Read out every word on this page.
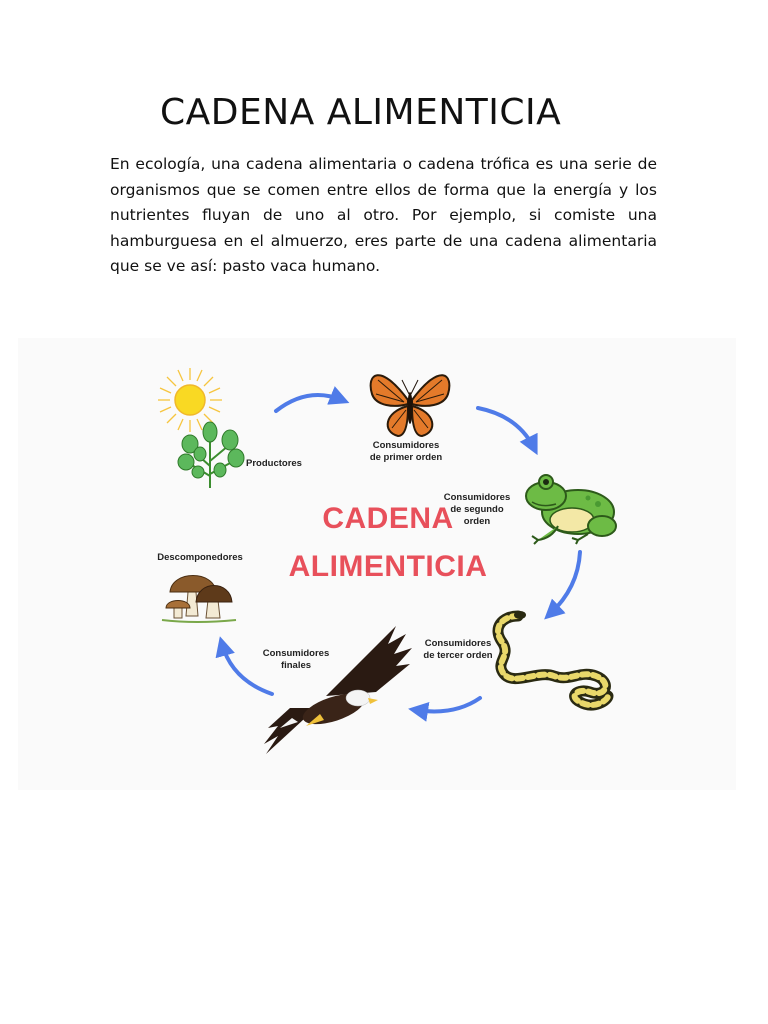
CADENA ALIMENTICIA

En ecología, una cadena alimentaria o cadena trófica es una serie de organismos que se comen entre ellos de forma que la energía y los nutrientes fluyan de uno al otro. Por ejemplo, si comiste una hamburguesa en el almuerzo, eres parte de una cadena alimentaria que se ve así: pasto vaca humano.

Productores
Consumidores
de primer orden
Consumidores
de segundo
orden
Consumidores
de tercer orden
Consumidores
finales
Descomponedores
CADENA
ALIMENTICIA
